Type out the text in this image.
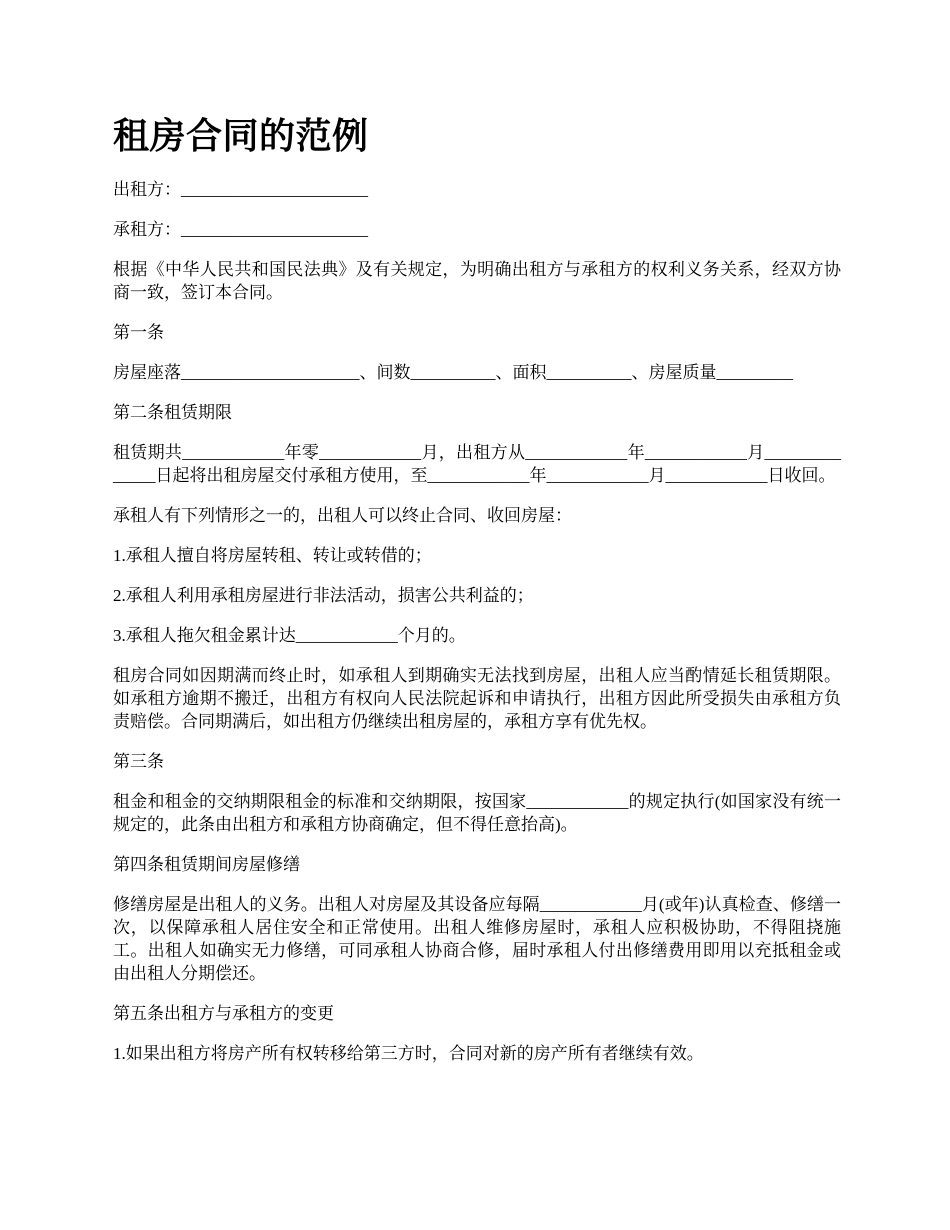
租房合同的范例

出租方：______________________

承租方：______________________

根据《中华人民共和国民法典》及有关规定，为明确出租方与承租方的权利义务关系，经双方协商一致，签订本合同。

第一条

房屋座落_____________________、间数__________、面积__________、房屋质量_________

第二条租赁期限

租赁期共____________年零____________月，出租方从____________年____________月______________日起将出租房屋交付承租方使用，至____________年____________月____________日收回。

承租人有下列情形之一的，出租人可以终止合同、收回房屋：

1.承租人擅自将房屋转租、转让或转借的；

2.承租人利用承租房屋进行非法活动，损害公共利益的；

3.承租人拖欠租金累计达____________个月的。

租房合同如因期满而终止时，如承租人到期确实无法找到房屋，出租人应当酌情延长租赁期限。如承租方逾期不搬迁，出租方有权向人民法院起诉和申请执行，出租方因此所受损失由承租方负责赔偿。合同期满后，如出租方仍继续出租房屋的，承租方享有优先权。

第三条

租金和租金的交纳期限租金的标准和交纳期限，按国家____________的规定执行(如国家没有统一规定的，此条由出租方和承租方协商确定，但不得任意抬高)。

第四条租赁期间房屋修缮

修缮房屋是出租人的义务。出租人对房屋及其设备应每隔____________月(或年)认真检查、修缮一次，以保障承租人居住安全和正常使用。出租人维修房屋时，承租人应积极协助，不得阻挠施工。出租人如确实无力修缮，可同承租人协商合修，届时承租人付出修缮费用即用以充抵租金或由出租人分期偿还。

第五条出租方与承租方的变更

1.如果出租方将房产所有权转移给第三方时，合同对新的房产所有者继续有效。
